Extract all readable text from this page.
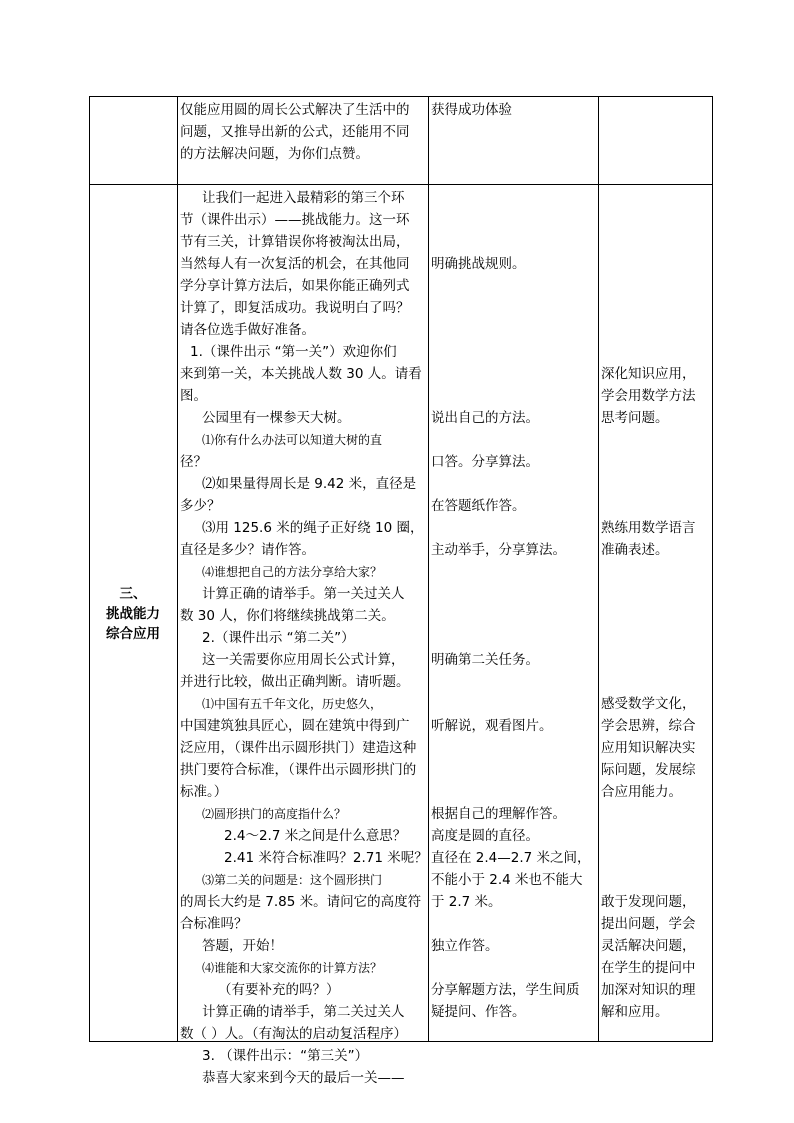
仅能应用圆的周长公式解决了生活中的
问题，又推导出新的公式，还能用不同
的方法解决问题，为你们点赞。
获得成功体验
三、
挑战能力
综合应用
让我们一起进入最精彩的第三个环
节（课件出示）——挑战能力。这一环
节有三关，计算错误你将被淘汰出局，
当然每人有一次复活的机会，在其他同
学分享计算方法后，如果你能正确列式
计算了，即复活成功。我说明白了吗？
请各位选手做好准备。
1.（课件出示 “第一关”）欢迎你们
来到第一关，本关挑战人数 30 人。请看
图。
公园里有一棵参天大树。
⑴你有什么办法可以知道大树的直
径？
⑵如果量得周长是 9.42 米，直径是
多少？
⑶用 125.6 米的绳子正好绕 10 圈，
直径是多少？请作答。
⑷谁想把自己的方法分享给大家？
计算正确的请举手。第一关过关人
数 30 人，你们将继续挑战第二关。
2.（课件出示 “第二关”）
这一关需要你应用周长公式计算，
并进行比较，做出正确判断。请听题。
⑴中国有五千年文化，历史悠久，
中国建筑独具匠心，圆在建筑中得到广
泛应用，（课件出示圆形拱门）建造这种
拱门要符合标准，（课件出示圆形拱门的
标准。）
⑵圆形拱门的高度指什么？
2.4～2.7 米之间是什么意思？
2.41 米符合标准吗？2.71 米呢？
⑶第二关的问题是：这个圆形拱门
的周长大约是 7.85 米。请问它的高度符
合标准吗？
答题，开始！
⑷谁能和大家交流你的计算方法？
（有要补充的吗？）
计算正确的请举手，第二关过关人
数（ ）人。（有淘汰的启动复活程序）
3. （课件出示：“第三关”）
恭喜大家来到今天的最后一关——
明确挑战规则。
说出自己的方法。
口答。分享算法。
在答题纸作答。
主动举手，分享算法。
明确第二关任务。
听解说，观看图片。
根据自己的理解作答。
高度是圆的直径。
直径在 2.4—2.7 米之间，
不能小于 2.4 米也不能大
于 2.7 米。
独立作答。
分享解题方法，学生间质
疑提问、作答。
深化知识应用，
学会用数学方法
思考问题。
熟练用数学语言
准确表述。
感受数学文化，
学会思辨，综合
应用知识解决实
际问题，发展综
合应用能力。
敢于发现问题，
提出问题，学会
灵活解决问题，
在学生的提问中
加深对知识的理
解和应用。
